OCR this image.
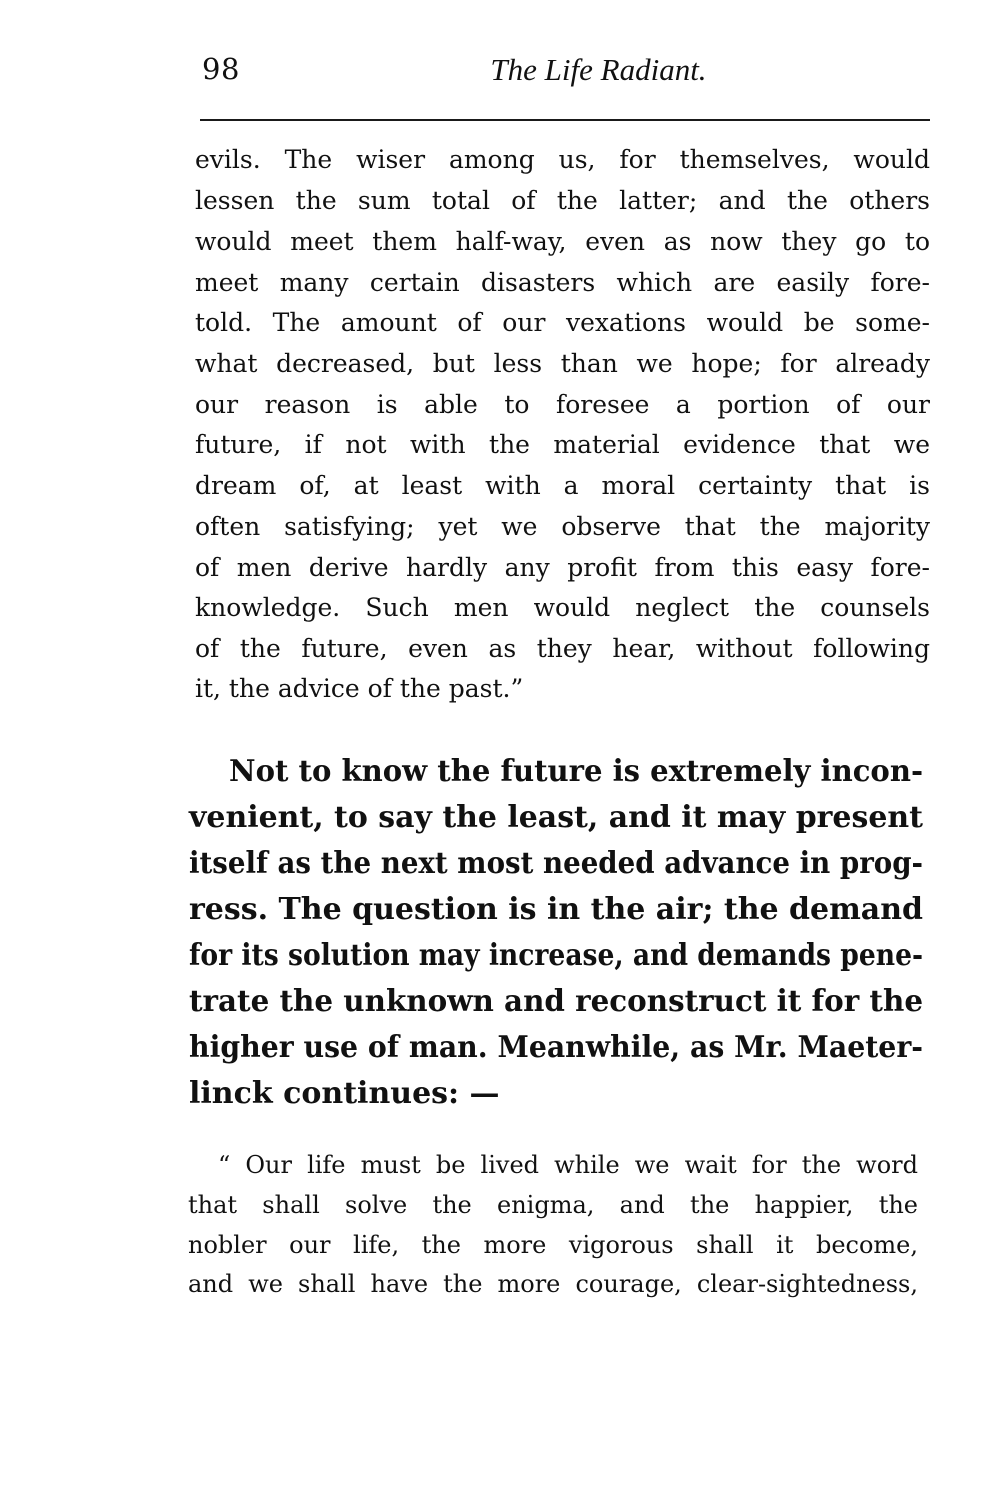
98	The Life Radiant.
evils. The wiser among us, for themselves, would
lessen the sum total of the latter; and the others
would meet them half-way, even as now they go to
meet many certain disasters which are easily fore-
told. The amount of our vexations would be some-
what decreased, but less than we hope; for already
our reason is able to foresee a portion of our
future, if not with the material evidence that we
dream of, at least with a moral certainty that is
often satisfying; yet we observe that the majority
of men derive hardly any profit from this easy fore-
knowledge. Such men would neglect the counsels
of the future, even as they hear, without following
it, the advice of the past.”
Not to know the future is extremely incon-
venient, to say the least, and it may present
itself as the next most needed advance in prog-
ress. The question is in the air; the demand
for its solution may increase, and demands pene-
trate the unknown and reconstruct it for the
higher use of man. Meanwhile, as Mr. Maeter-
linck continues: —
“ Our life must be lived while we wait for the word
that shall solve the enigma, and the happier, the
nobler our life, the more vigorous shall it become,
and we shall have the more courage, clear-sightedness,
